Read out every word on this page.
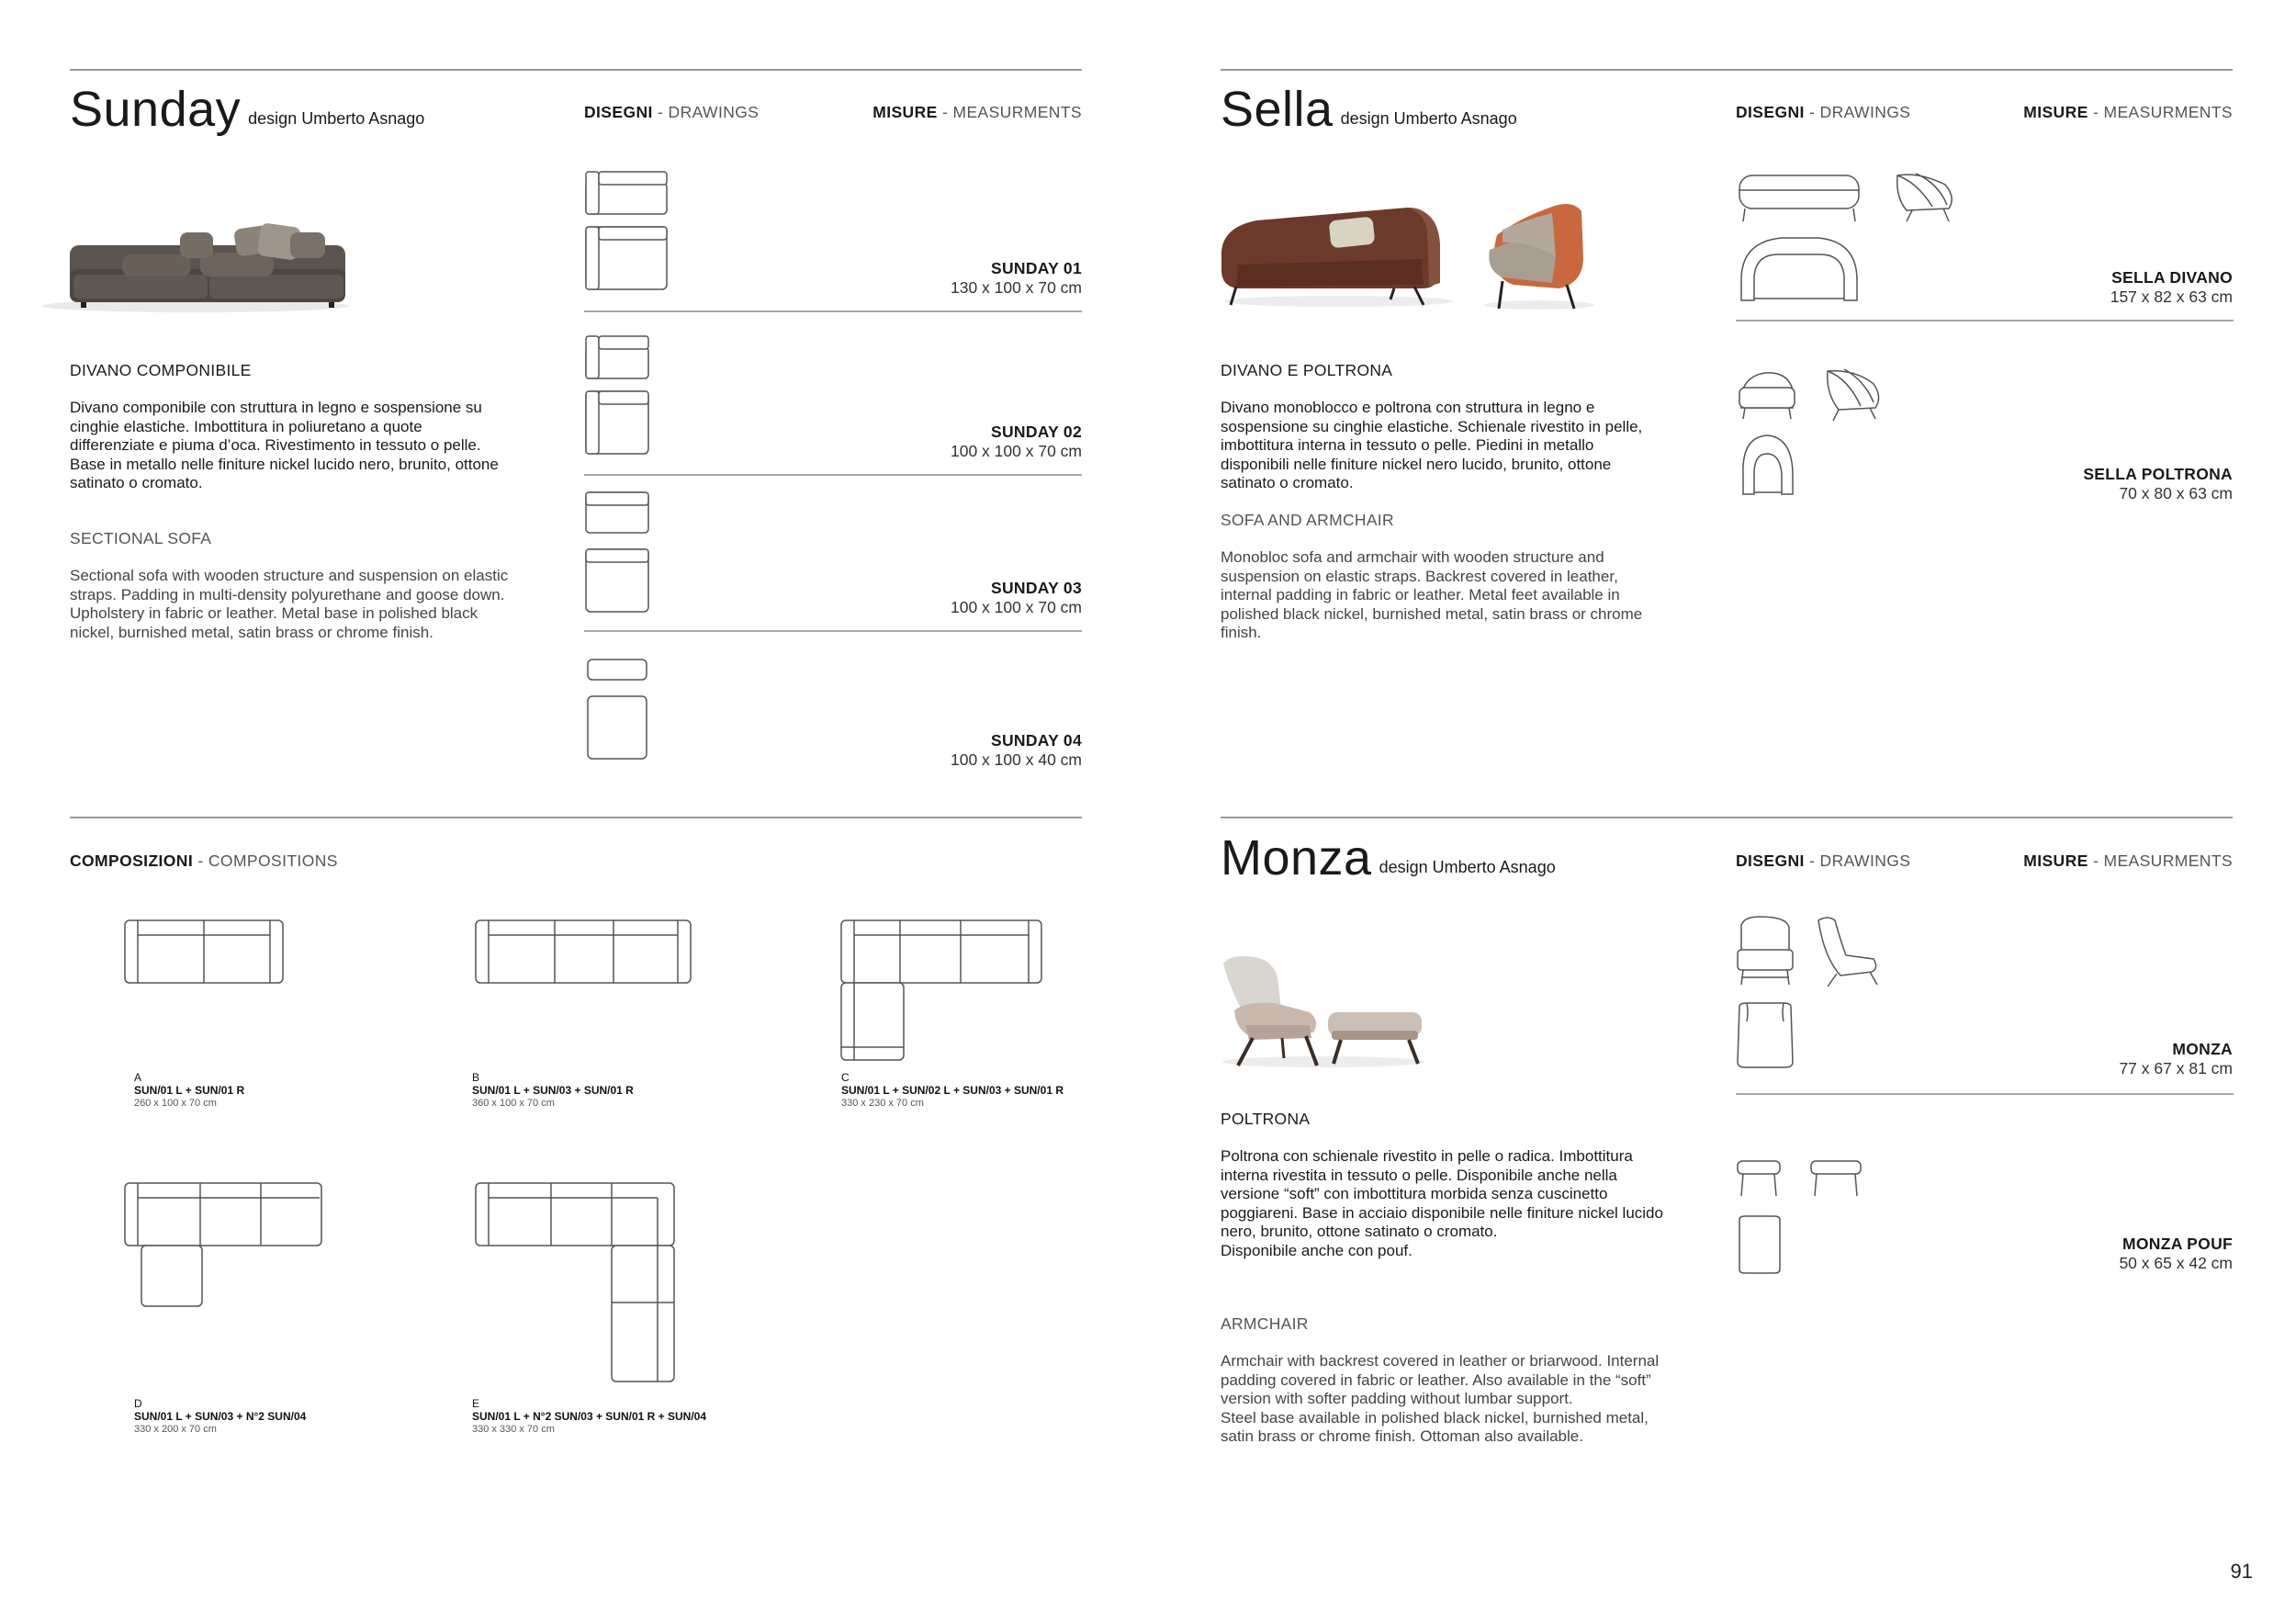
Sunday design Umberto Asnago	DISEGNI - DRAWINGS	MISURE - MEASURMENTS
DIVANO COMPONIBILE
Divano componibile con struttura in legno e sospensione su cinghie elastiche. Imbottitura in poliuretano a quote differenziate e piuma d’oca. Rivestimento in tessuto o pelle. Base in metallo nelle finiture nickel lucido nero, brunito, ottone satinato o cromato.
SECTIONAL SOFA
Sectional sofa with wooden structure and suspension on elastic straps. Padding in multi-density polyurethane and goose down. Upholstery in fabric or leather. Metal base in polished black nickel, burnished metal, satin brass or chrome finish.
SUNDAY 01
130 x 100 x 70 cm
SUNDAY 02
100 x 100 x 70 cm
SUNDAY 03
100 x 100 x 70 cm
SUNDAY 04
100 x 100 x 40 cm
Sella design Umberto Asnago	DISEGNI - DRAWINGS	MISURE - MEASURMENTS
DIVANO E POLTRONA
Divano monoblocco e poltrona con struttura in legno e sospensione su cinghie elastiche. Schienale rivestito in pelle, imbottitura interna in tessuto o pelle. Piedini in metallo disponibili nelle finiture nickel nero lucido, brunito, ottone satinato o cromato.
SOFA AND ARMCHAIR
Monobloc sofa and armchair with wooden structure and suspension on elastic straps. Backrest covered in leather, internal padding in fabric or leather. Metal feet available in polished black nickel, burnished metal, satin brass or chrome finish.
SELLA DIVANO
157 x 82 x 63 cm
SELLA POLTRONA
70 x 80 x 63 cm
COMPOSIZIONI - COMPOSITIONS
A
SUN/01 L + SUN/01 R
260 x 100 x 70 cm
B
SUN/01 L + SUN/03 + SUN/01 R
360 x 100 x 70 cm
C
SUN/01 L + SUN/02 L + SUN/03 + SUN/01 R
330 x 230 x 70 cm
D
SUN/01 L + SUN/03 + N°2 SUN/04
330 x 200 x 70 cm
E
SUN/01 L + N°2 SUN/03 + SUN/01 R + SUN/04
330 x 330 x 70 cm
Monza design Umberto Asnago	DISEGNI - DRAWINGS	MISURE - MEASURMENTS
POLTRONA
Poltrona con schienale rivestito in pelle o radica. Imbottitura interna rivestita in tessuto o pelle. Disponibile anche nella versione “soft” con imbottitura morbida senza cuscinetto poggiareni. Base in acciaio disponibile nelle finiture nickel lucido nero, brunito, ottone satinato o cromato.
Disponibile anche con pouf.
ARMCHAIR
Armchair with backrest covered in leather or briarwood. Internal padding covered in fabric or leather. Also available in the “soft” version with softer padding without lumbar support.
Steel base available in polished black nickel, burnished metal, satin brass or chrome finish. Ottoman also available.
MONZA
77 x 67 x 81 cm
MONZA POUF
50 x 65 x 42 cm
91
